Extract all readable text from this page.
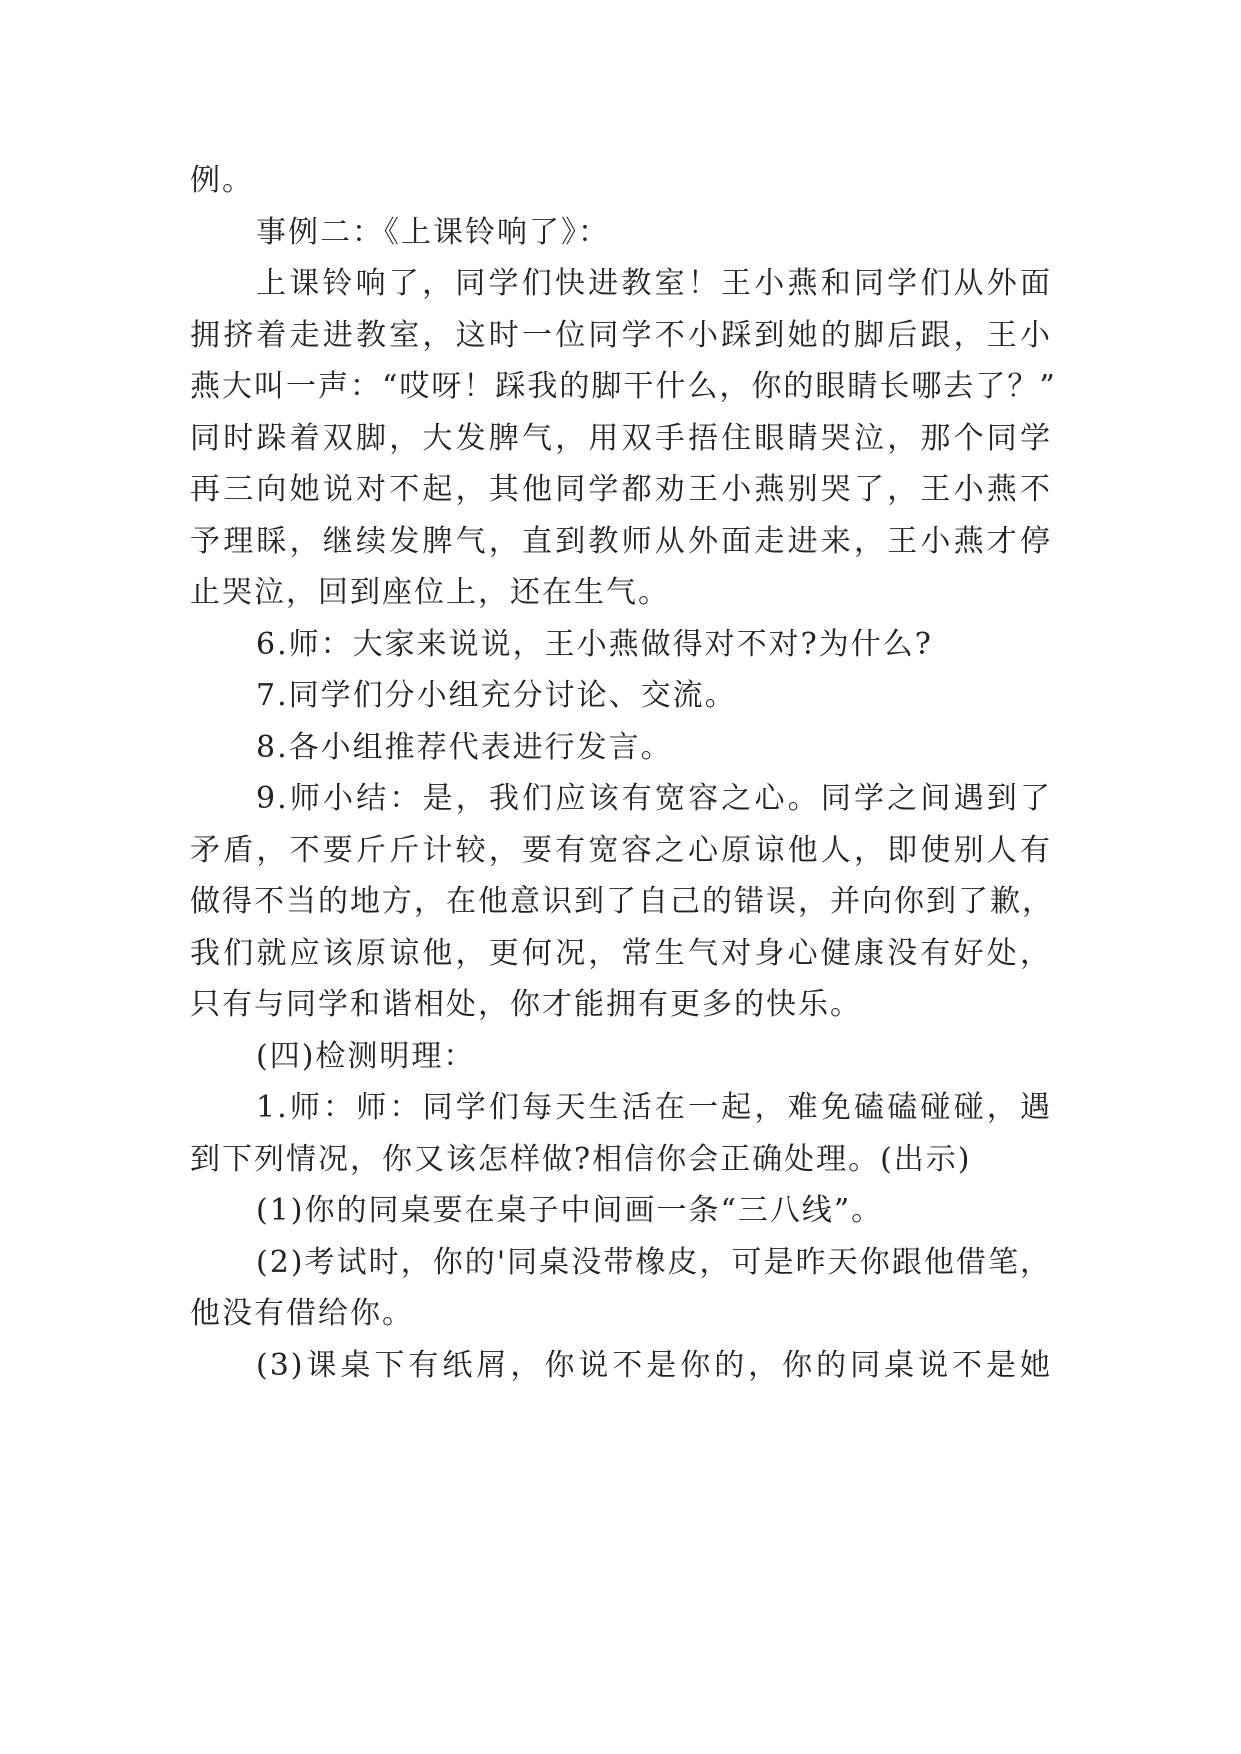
例。
事例二：《上课铃响了》：
上课铃响了，同学们快进教室！王小燕和同学们从外面
拥挤着走进教室，这时一位同学不小踩到她的脚后跟，王小
燕大叫一声：“哎呀！踩我的脚干什么，你的眼睛长哪去了？”
同时跺着双脚，大发脾气，用双手捂住眼睛哭泣，那个同学
再三向她说对不起，其他同学都劝王小燕别哭了，王小燕不
予理睬，继续发脾气，直到教师从外面走进来，王小燕才停
止哭泣，回到座位上，还在生气。
6.师：大家来说说，王小燕做得对不对?为什么?
7.同学们分小组充分讨论、交流。
8.各小组推荐代表进行发言。
9.师小结：是，我们应该有宽容之心。同学之间遇到了
矛盾，不要斤斤计较，要有宽容之心原谅他人，即使别人有
做得不当的地方，在他意识到了自己的错误，并向你到了歉，
我们就应该原谅他，更何况，常生气对身心健康没有好处，
只有与同学和谐相处，你才能拥有更多的快乐。
(四)检测明理：
1.师：师：同学们每天生活在一起，难免磕磕碰碰，遇
到下列情况，你又该怎样做?相信你会正确处理。(出示)
(1)你的同桌要在桌子中间画一条“三八线”。
(2)考试时，你的'同桌没带橡皮，可是昨天你跟他借笔，
他没有借给你。
(3)课桌下有纸屑，你说不是你的，你的同桌说不是她
